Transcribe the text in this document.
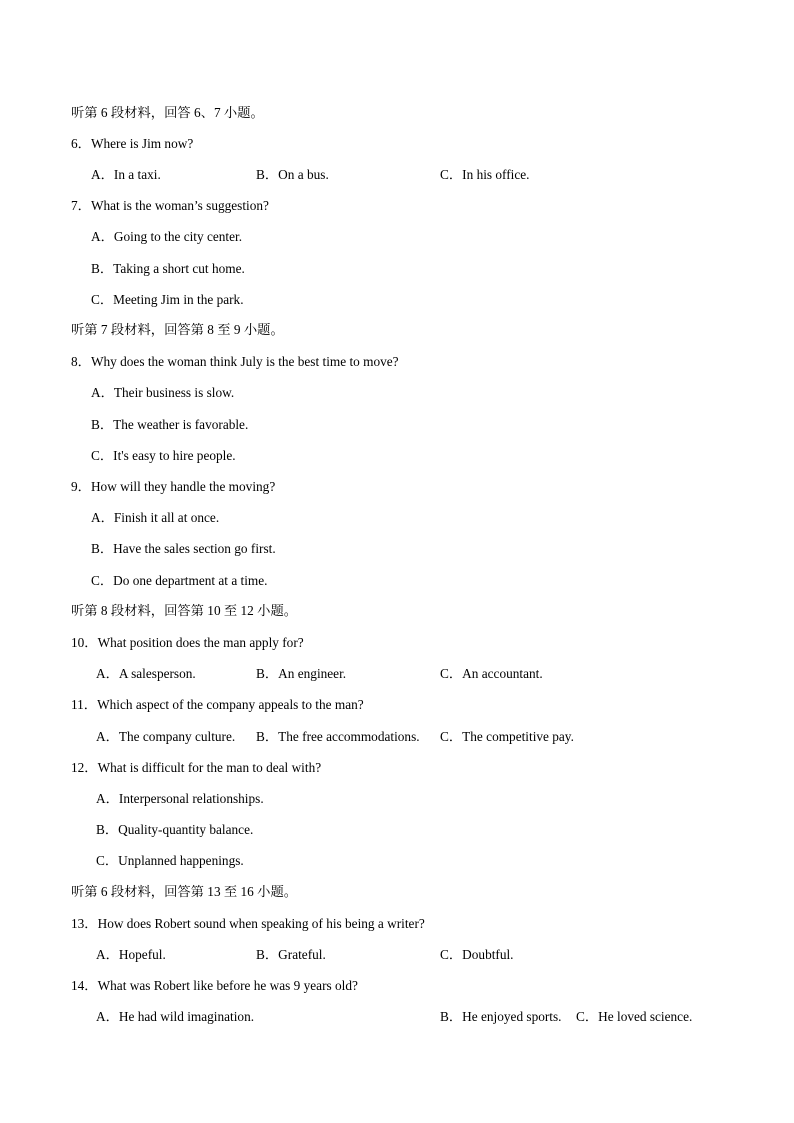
听第 6 段材料，回答 6、7 小题。
6．Where is Jim now?
A．In a taxi.	B．On a bus.	C．In his office.
7．What is the woman’s suggestion?
A．Going to the city center.
B．Taking a short cut home.
C．Meeting Jim in the park.
听第 7 段材料，回答第 8 至 9 小题。
8．Why does the woman think July is the best time to move?
A．Their business is slow.
B．The weather is favorable.
C．It's easy to hire people.
9．How will they handle the moving?
A．Finish it all at once.
B．Have the sales section go first.
C．Do one department at a time.
听第 8 段材料，回答第 10 至 12 小题。
10．What position does the man apply for?
A．A salesperson.	B．An engineer.	C．An accountant.
11．Which aspect of the company appeals to the man?
A．The company culture. B．The free accommodations. C．The competitive pay.
12．What is difficult for the man to deal with?
A．Interpersonal relationships.
B．Quality-quantity balance.
C．Unplanned happenings.
听第 6 段材料，回答第 13 至 16 小题。
13．How does Robert sound when speaking of his being a writer?
A．Hopeful.	B．Grateful.	C．Doubtful.
14．What was Robert like before he was 9 years old?
A．He had wild imagination.	B．He enjoyed sports. C．He loved science.
